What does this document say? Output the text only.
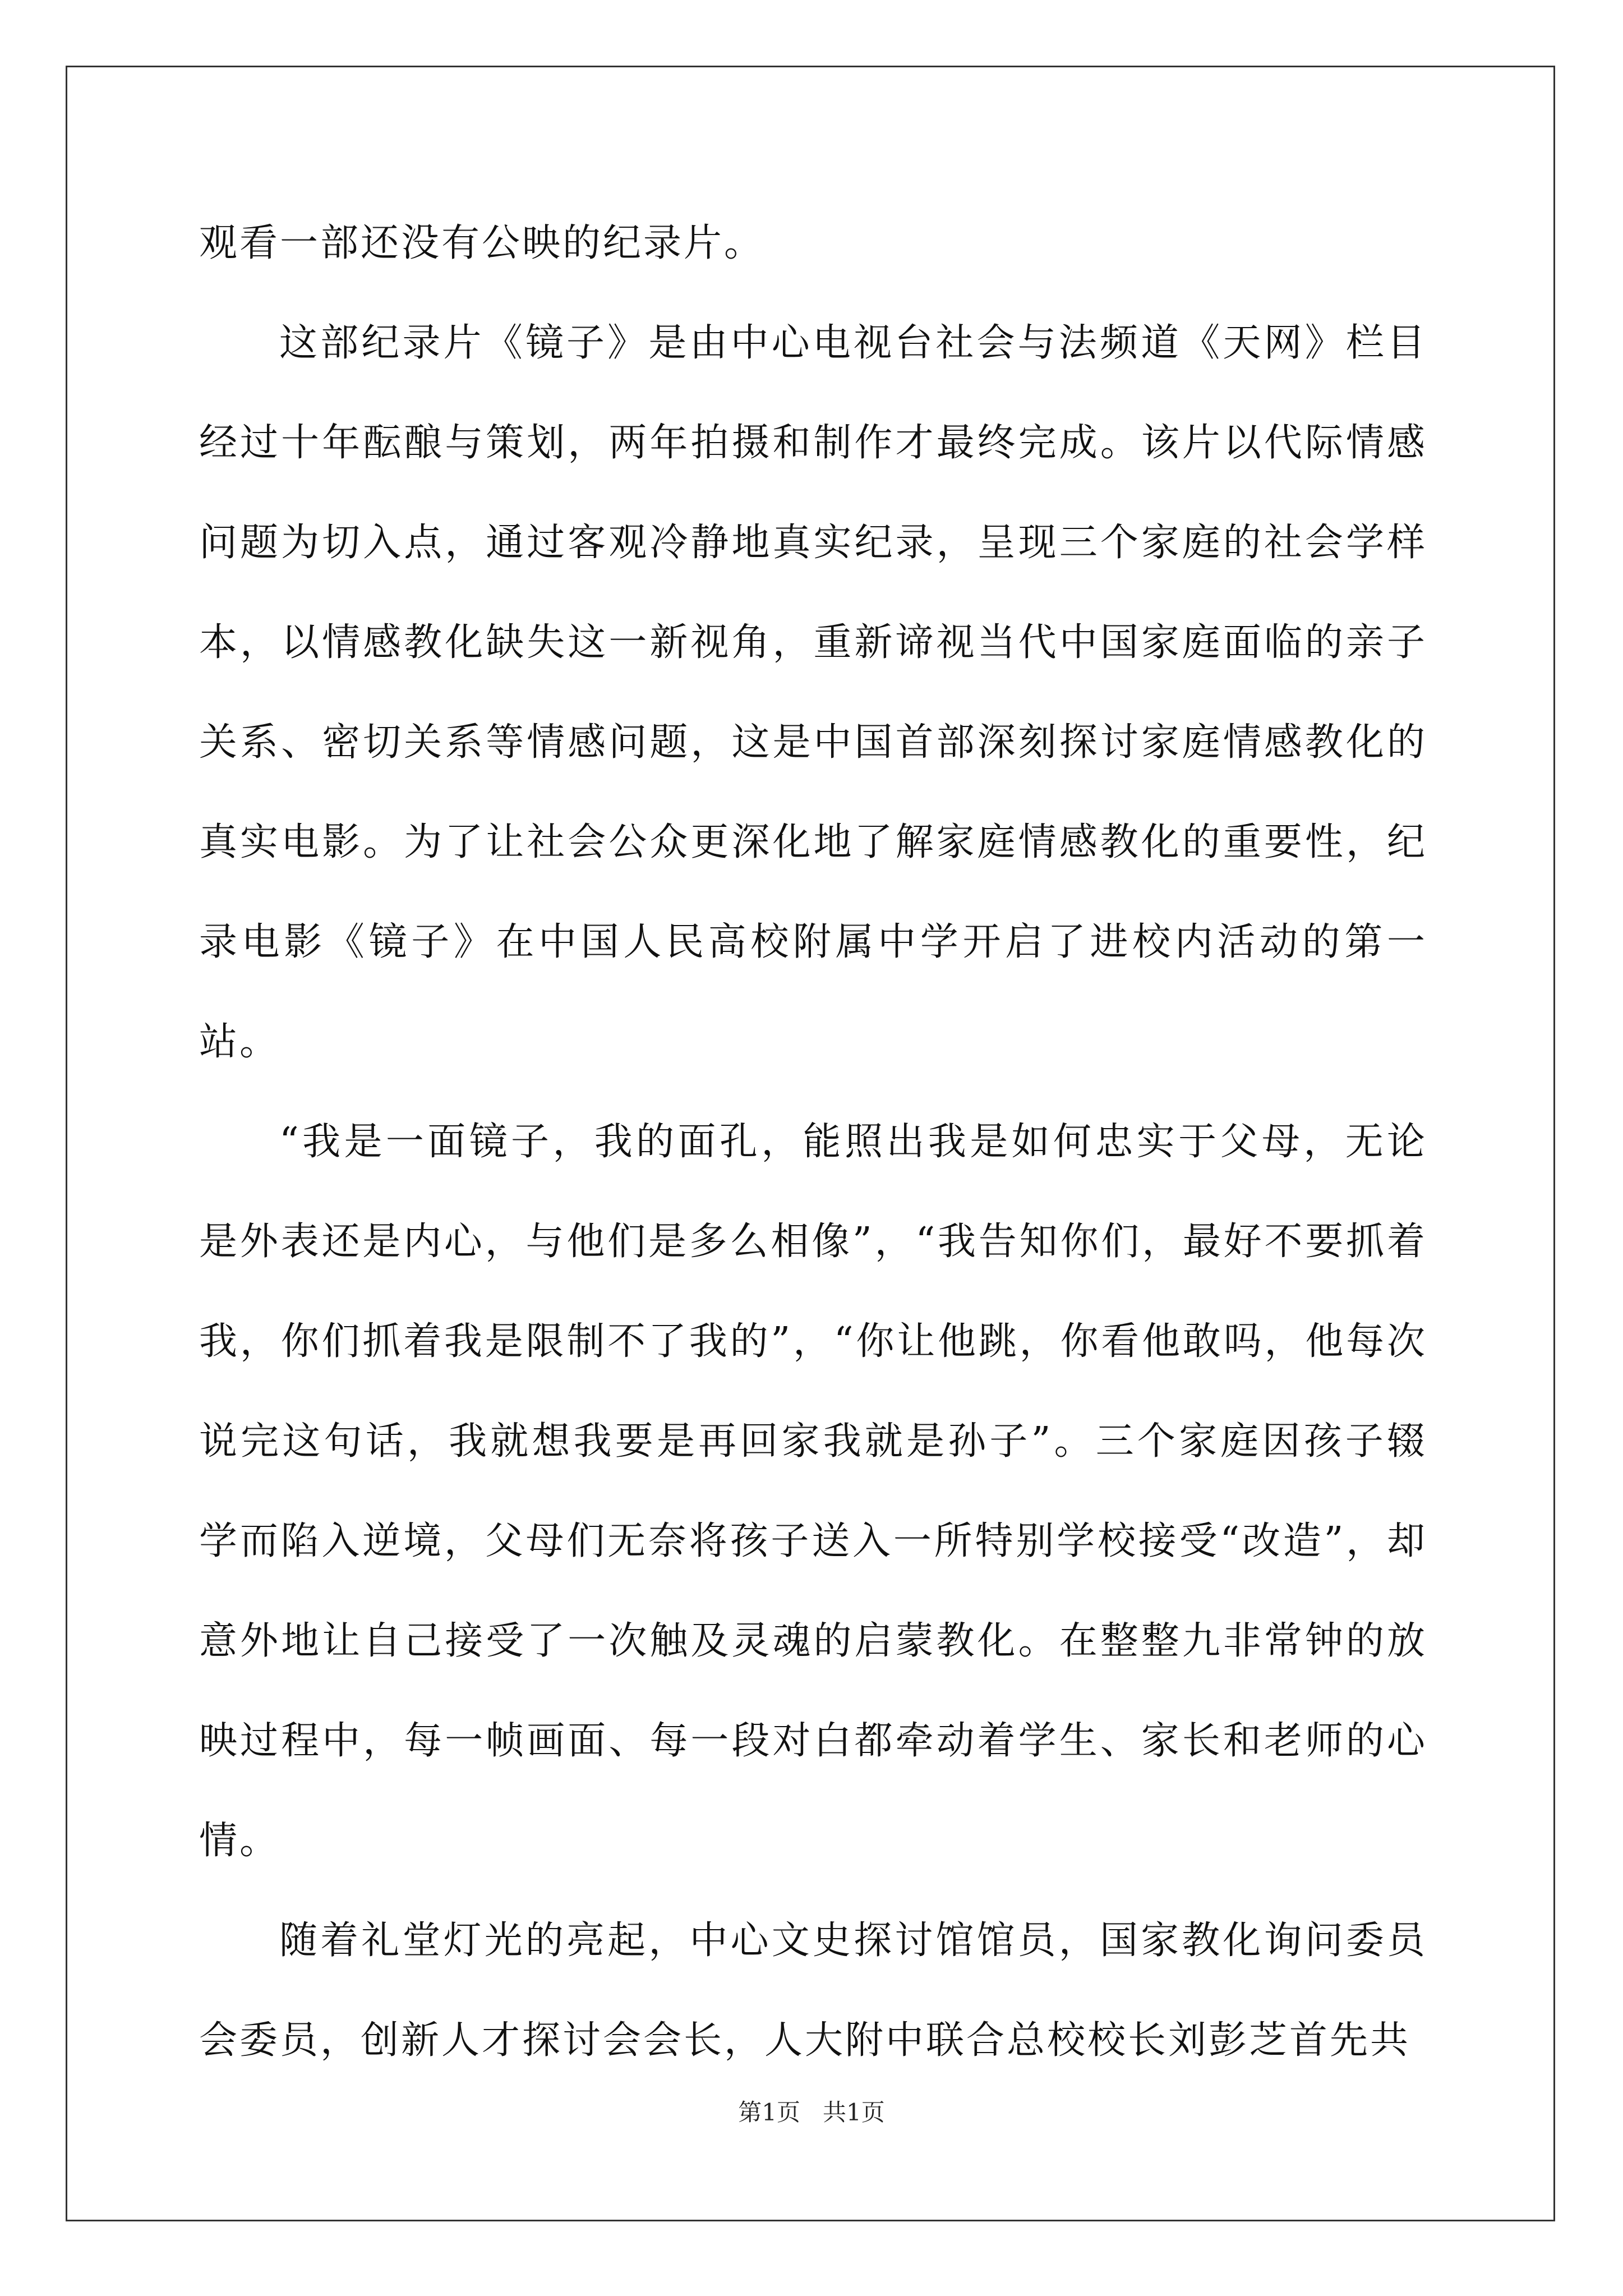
观看一部还没有公映的纪录片。

这部纪录片《镜子》是由中心电视台社会与法频道《天网》栏目经过十年酝酿与策划，两年拍摄和制作才最终完成。该片以代际情感问题为切入点，通过客观冷静地真实纪录，呈现三个家庭的社会学样本，以情感教化缺失这一新视角，重新谛视当代中国家庭面临的亲子关系、密切关系等情感问题，这是中国首部深刻探讨家庭情感教化的真实电影。为了让社会公众更深化地了解家庭情感教化的重要性，纪录电影《镜子》在中国人民高校附属中学开启了进校内活动的第一站。

“我是一面镜子，我的面孔，能照出我是如何忠实于父母，无论是外表还是内心，与他们是多么相像”，“我告知你们，最好不要抓着我，你们抓着我是限制不了我的”，“你让他跳，你看他敢吗，他每次说完这句话，我就想我要是再回家我就是孙子”。三个家庭因孩子辍学而陷入逆境，父母们无奈将孩子送入一所特别学校接受“改造”，却意外地让自己接受了一次触及灵魂的启蒙教化。在整整九非常钟的放映过程中，每一帧画面、每一段对白都牵动着学生、家长和老师的心情。

随着礼堂灯光的亮起，中心文史探讨馆馆员，国家教化询问委员会委员，创新人才探讨会会长，人大附中联合总校校长刘彭芝首先共

第1页 共1页
